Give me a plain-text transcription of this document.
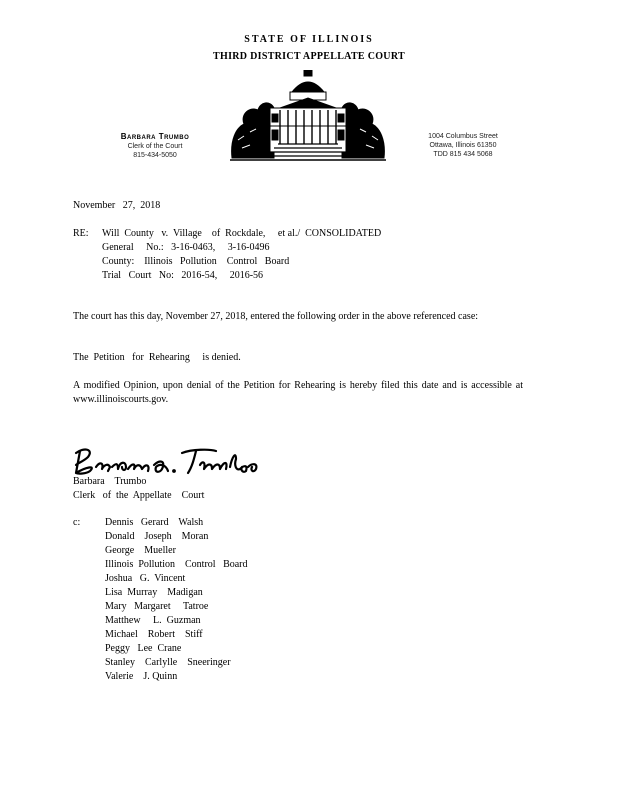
STATE OF ILLINOIS
THIRD DISTRICT APPELLATE COURT
Barbara Trumbo
Clerk of the Court
815-434-5050
1004 Columbus Street
Ottawa, Illinois 61350
TDD 815 434 5068
November   27,  2018
RE: Will  County   v.  Village    of  Rockdale,     et al./  CONSOLIDATED
General     No.:   3-16-0463,     3-16-0496
County:    Illinois   Pollution    Control   Board
Trial   Court   No:   2016-54,     2016-56
The court has this day, November 27, 2018, entered the following order in the above referenced case:
The  Petition   for  Rehearing     is denied.
A modified Opinion, upon denial of the Petition for Rehearing is hereby filed this date and is accessible at www.illinoiscourts.gov.
Barbara    Trumbo
Clerk   of  the  Appellate    Court
c: Dennis   Gerard    Walsh
Donald    Joseph    Moran
George    Mueller
Illinois  Pollution    Control   Board
Joshua   G.  Vincent
Lisa  Murray    Madigan
Mary   Margaret     Tatroe
Matthew     L.  Guzman
Michael    Robert    Stiff
Peggy   Lee  Crane
Stanley    Carlylle    Sneeringer
Valerie    J. Quinn
